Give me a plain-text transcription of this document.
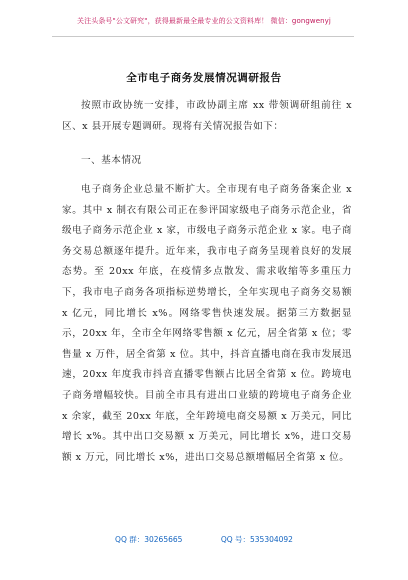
关注头条号"公文研究"，获得最新最全最专业的公文资料库！ 微信：gongwenyj
全市电子商务发展情况调研报告

按照市政协统一安排，市政协副主席 xx 带领调研组前往 x 区、x 县开展专题调研。现将有关情况报告如下：

一、基本情况

电子商务企业总量不断扩大。全市现有电子商务备案企业 x 家。其中 x 制衣有限公司正在参评国家级电子商务示范企业，省级电子商务示范企业 x 家，市级电子商务示范企业 x 家。电子商务交易总额逐年提升。近年来，我市电子商务呈现着良好的发展态势。至 20xx 年底，在疫情多点散发、需求收缩等多重压力下，我市电子商务各项指标逆势增长，全年实现电子商务交易额 x 亿元，同比增长 x%。网络零售快速发展。据第三方数据显示，20xx 年，全市全年网络零售额 x 亿元，居全省第 x 位；零售量 x 万件，居全省第 x 位。其中，抖音直播电商在我市发展迅速，20xx 年度我市抖音直播零售额占比居全省第 x 位。跨境电子商务增幅较快。目前全市具有进出口业绩的跨境电子商务企业 x 余家，截至 20xx 年底，全年跨境电商交易额 x 万美元，同比增长 x%。其中出口交易额 x 万美元，同比增长 x%，进口交易额 x 万元，同比增长 x%，进出口交易总额增幅居全省第 x 位。

QQ 群：30265665	QQ 号：535304092
